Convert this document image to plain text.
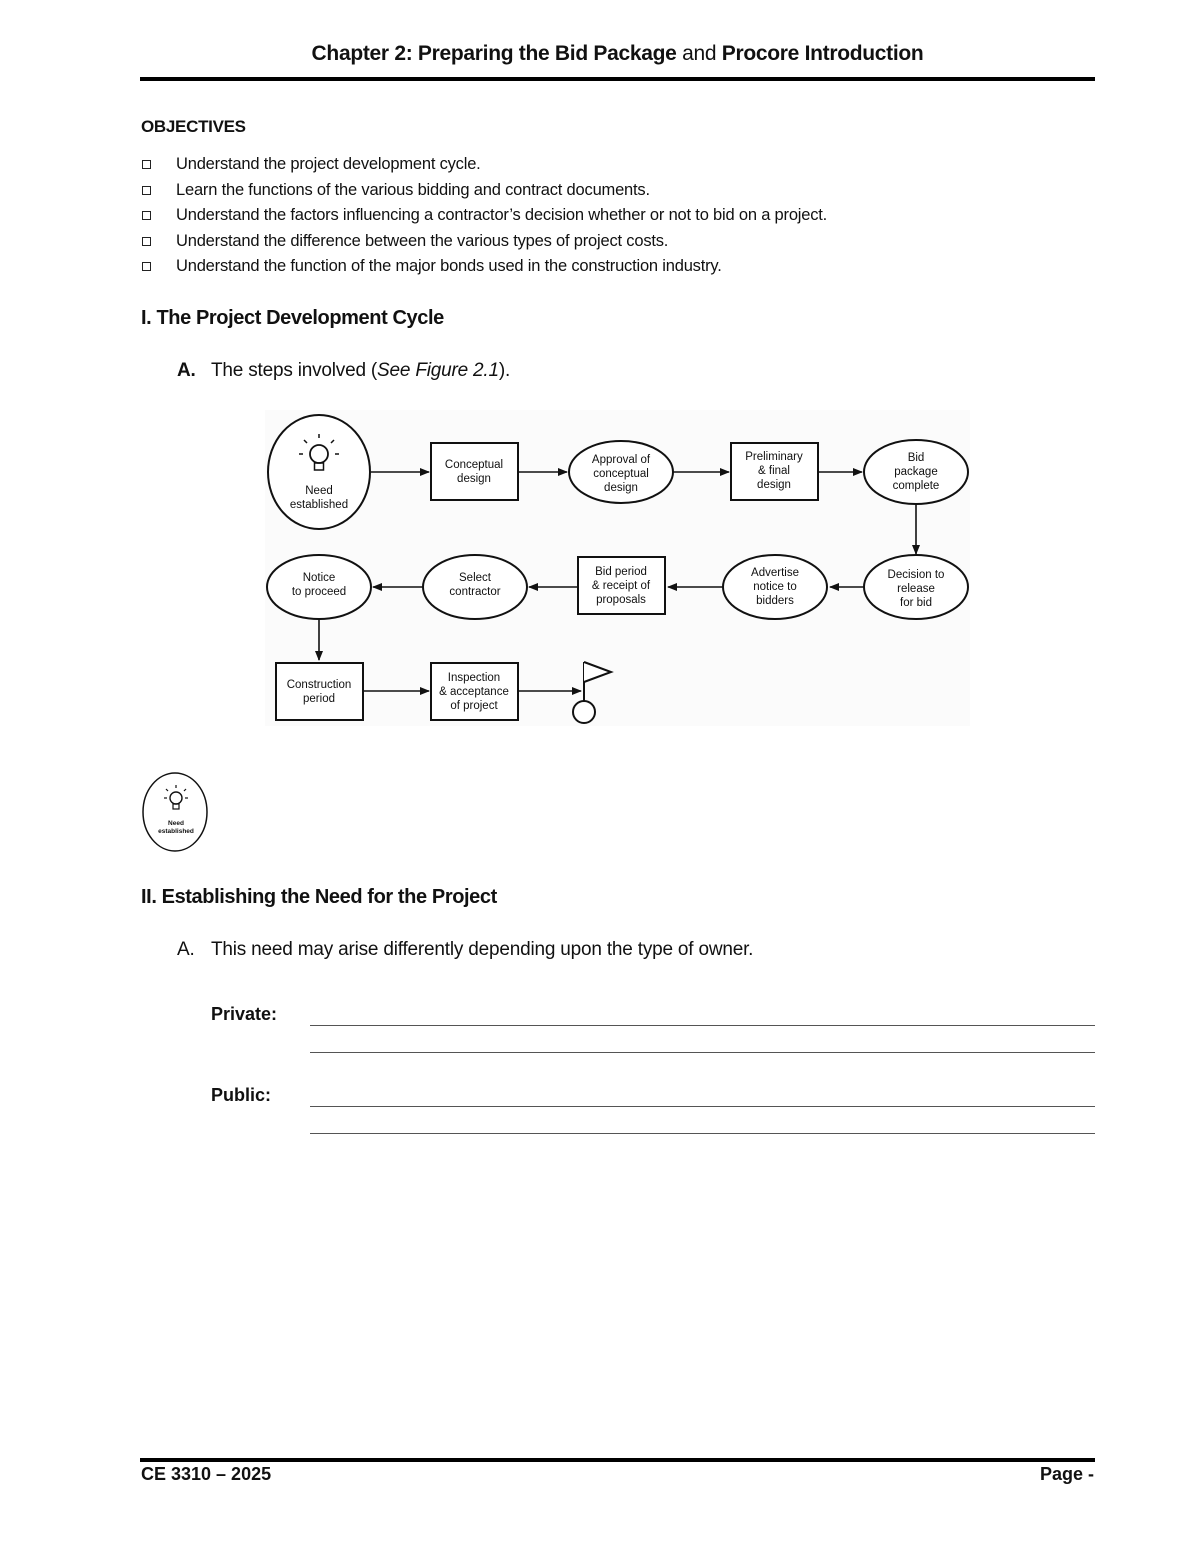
Chapter 2: Preparing the Bid Package and Procore Introduction
OBJECTIVES
Understand the project development cycle.
Learn the functions of the various bidding and contract documents.
Understand the factors influencing a contractor’s decision whether or not to bid on a project.
Understand the difference between the various types of project costs.
Understand the function of the major bonds used in the construction industry.
I. The Project Development Cycle
A. The steps involved (See Figure 2.1).
Need
established
Conceptual
design
Approval of
conceptual
design
Preliminary
& final
design
Bid
package
complete
Decision to
release
for bid
Advertise
notice to
bidders
Bid period
& receipt of
proposals
Select
contractor
Notice
to proceed
Construction
period
Inspection
& acceptance
of project
Need
established
II. Establishing the Need for the Project
A. This need may arise differently depending upon the type of owner.
Private:
Public:
CE 3310 – 2025	Page -
